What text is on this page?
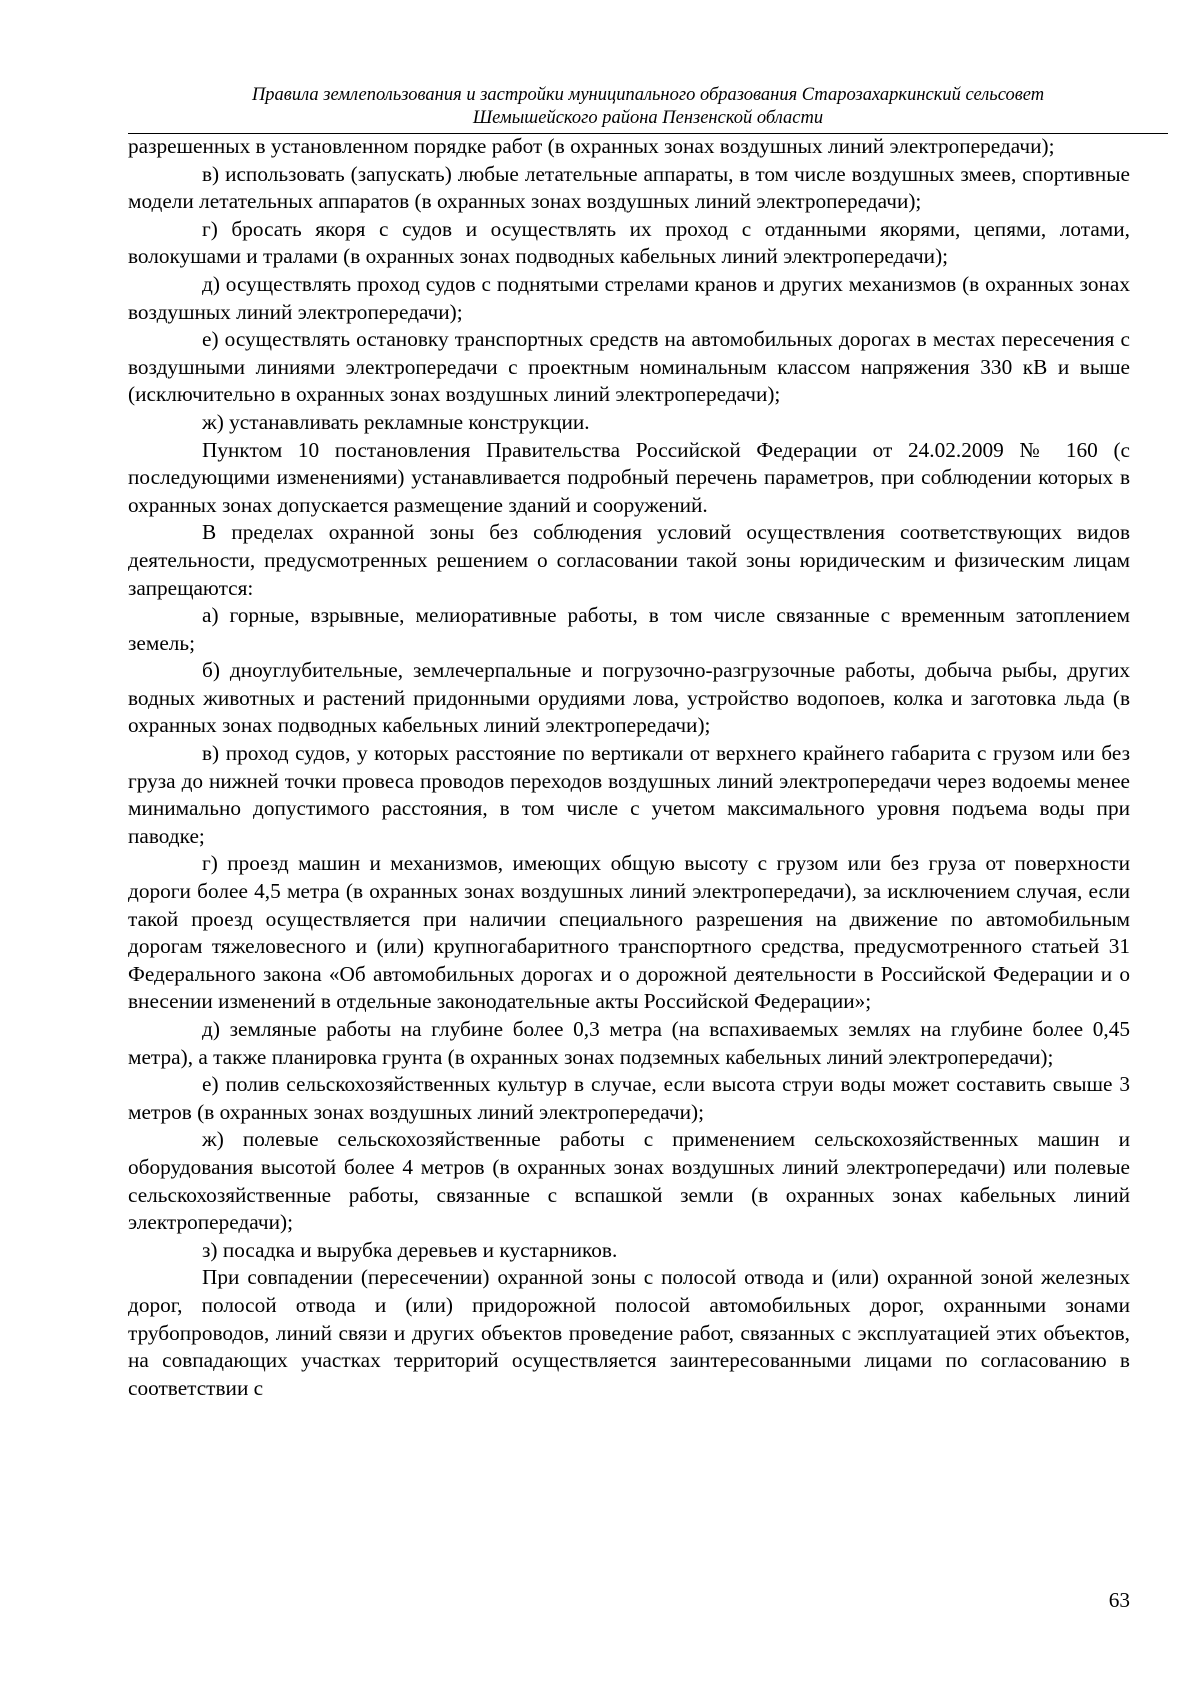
Правила землепользования и застройки муниципального образования Старозахаркинский сельсовет
Шемышейского района Пензенской области

разрешенных в установленном порядке работ (в охранных зонах воздушных линий электропередачи);

в) использовать (запускать) любые летательные аппараты, в том числе воздушных змеев, спортивные модели летательных аппаратов (в охранных зонах воздушных линий электропередачи);

г) бросать якоря с судов и осуществлять их проход с отданными якорями, цепями, лотами, волокушами и тралами (в охранных зонах подводных кабельных линий электропередачи);

д) осуществлять проход судов с поднятыми стрелами кранов и других механизмов (в охранных зонах воздушных линий электропередачи);

е) осуществлять остановку транспортных средств на автомобильных дорогах в местах пересечения с воздушными линиями электропередачи с проектным номинальным классом напряжения 330 кВ и выше (исключительно в охранных зонах воздушных линий электропередачи);

ж) устанавливать рекламные конструкции.

Пунктом 10 постановления Правительства Российской Федерации от 24.02.2009 № 160 (с последующими изменениями) устанавливается подробный перечень параметров, при соблюдении которых в охранных зонах допускается размещение зданий и сооружений.

В пределах охранной зоны без соблюдения условий осуществления соответствующих видов деятельности, предусмотренных решением о согласовании такой зоны юридическим и физическим лицам запрещаются:

а) горные, взрывные, мелиоративные работы, в том числе связанные с временным затоплением земель;

б) дноуглубительные, землечерпальные и погрузочно-разгрузочные работы, добыча рыбы, других водных животных и растений придонными орудиями лова, устройство водопоев, колка и заготовка льда (в охранных зонах подводных кабельных линий электропередачи);

в) проход судов, у которых расстояние по вертикали от верхнего крайнего габарита с грузом или без груза до нижней точки провеса проводов переходов воздушных линий электропередачи через водоемы менее минимально допустимого расстояния, в том числе с учетом максимального уровня подъема воды при паводке;

г) проезд машин и механизмов, имеющих общую высоту с грузом или без груза от поверхности дороги более 4,5 метра (в охранных зонах воздушных линий электропередачи), за исключением случая, если такой проезд осуществляется при наличии специального разрешения на движение по автомобильным дорогам тяжеловесного и (или) крупногабаритного транспортного средства, предусмотренного статьей 31 Федерального закона «Об автомобильных дорогах и о дорожной деятельности в Российской Федерации и о внесении изменений в отдельные законодательные акты Российской Федерации»;

д) земляные работы на глубине более 0,3 метра (на вспахиваемых землях на глубине более 0,45 метра), а также планировка грунта (в охранных зонах подземных кабельных линий электропередачи);

е) полив сельскохозяйственных культур в случае, если высота струи воды может составить свыше 3 метров (в охранных зонах воздушных линий электропередачи);

ж) полевые сельскохозяйственные работы с применением сельскохозяйственных машин и оборудования высотой более 4 метров (в охранных зонах воздушных линий электропередачи) или полевые сельскохозяйственные работы, связанные с вспашкой земли (в охранных зонах кабельных линий электропередачи);

з) посадка и вырубка деревьев и кустарников.

При совпадении (пересечении) охранной зоны с полосой отвода и (или) охранной зоной железных дорог, полосой отвода и (или) придорожной полосой автомобильных дорог, охранными зонами трубопроводов, линий связи и других объектов проведение работ, связанных с эксплуатацией этих объектов, на совпадающих участках территорий осуществляется заинтересованными лицами по согласованию в соответствии с

63
